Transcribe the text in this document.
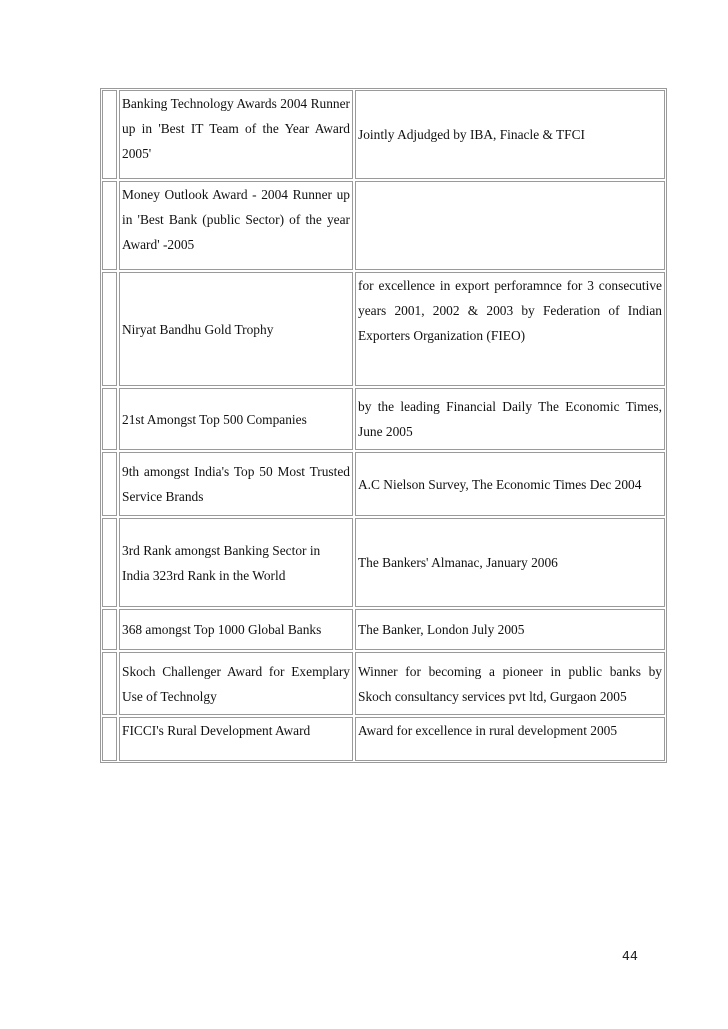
Banking Technology Awards 2004 Runner up in 'Best IT Team of the Year Award 2005'
Jointly Adjudged by IBA, Finacle & TFCI
Money Outlook Award - 2004 Runner up in 'Best Bank (public Sector) of the year Award' -2005
Niryat Bandhu Gold Trophy
for excellence in export perforamnce for 3 consecutive years 2001, 2002 & 2003 by Federation of Indian Exporters Organization (FIEO)
21st Amongst Top 500 Companies
by the leading Financial Daily The Economic Times, June 2005
9th amongst India's Top 50 Most Trusted Service Brands
A.C Nielson Survey, The Economic Times Dec 2004
3rd Rank amongst Banking Sector in India 323rd Rank in the World
The Bankers' Almanac, January 2006
368 amongst Top 1000 Global Banks	The Banker, London July 2005
Skoch Challenger Award for Exemplary Use of Technolgy
Winner for becoming a pioneer in public banks by Skoch consultancy services pvt ltd, Gurgaon 2005
FICCI's Rural Development Award	Award for excellence in rural development 2005
44
